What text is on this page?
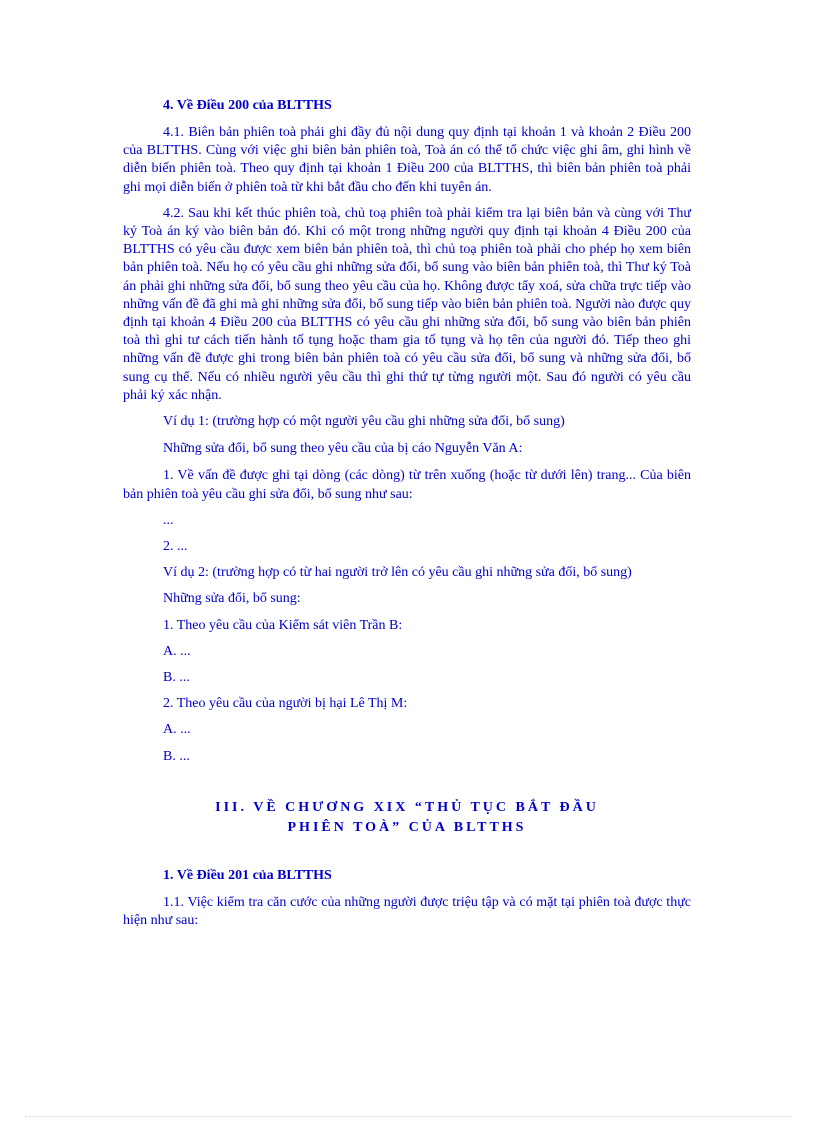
4. Về Điều 200 của BLTTHS

4.1. Biên bản phiên toà phải ghi đầy đủ nội dung quy định tại khoản 1 và khoản 2 Điều 200 của BLTTHS. Cùng với việc ghi biên bản phiên toà, Toà án có thể tổ chức việc ghi âm, ghi hình về diễn biến phiên toà. Theo quy định tại khoản 1 Điều 200 của BLTTHS, thì biên bản phiên toà phải ghi mọi diễn biến ở phiên toà từ khi bắt đầu cho đến khi tuyên án.

4.2. Sau khi kết thúc phiên toà, chủ toạ phiên toà phải kiểm tra lại biên bản và cùng với Thư ký Toà án ký vào biên bản đó. Khi có một trong những người quy định tại khoản 4 Điều 200 của BLTTHS có yêu cầu được xem biên bản phiên toà, thì chủ toạ phiên toà phải cho phép họ xem biên bản phiên toà. Nếu họ có yêu cầu ghi những sửa đổi, bổ sung vào biên bản phiên toà, thì Thư ký Toà án phải ghi những sửa đổi, bổ sung theo yêu cầu của họ. Không được tẩy xoá, sửa chữa trực tiếp vào những vấn đề đã ghi mà ghi những sửa đổi, bổ sung tiếp vào biên bản phiên toà. Người nào được quy định tại khoản 4 Điều 200 của BLTTHS có yêu cầu ghi những sửa đổi, bổ sung vào biên bản phiên toà thì ghi tư cách tiến hành tố tụng hoặc tham gia tố tụng và họ tên của người đó. Tiếp theo ghi những vấn đề được ghi trong biên bản phiên toà có yêu cầu sửa đổi, bổ sung và những sửa đổi, bổ sung cụ thể. Nếu có nhiều người yêu cầu thì ghi thứ tự từng người một. Sau đó người có yêu cầu phải ký xác nhận.

Ví dụ 1: (trường hợp có một người yêu cầu ghi những sửa đổi, bổ sung)

Những sửa đổi, bổ sung theo yêu cầu của bị cáo Nguyễn Văn A:

1. Về vấn đề được ghi tại dòng (các dòng) từ trên xuống (hoặc từ dưới lên) trang... Của biên bản phiên toà yêu cầu ghi sửa đổi, bổ sung như sau:

...

2. ...

Ví dụ 2: (trường hợp có từ hai người trở lên có yêu cầu ghi những sửa đổi, bổ sung)

Những sửa đổi, bổ sung:

1. Theo yêu cầu của Kiểm sát viên Trần B:

A. ...

B. ...

2. Theo yêu cầu của người bị hại Lê Thị M:

A. ...

B. ...

III. VỀ CHƯƠNG XIX “THỦ TỤC BẮT ĐẦU
PHIÊN TOÀ” CỦA BLTTHS
1. Về Điều 201 của BLTTHS

1.1. Việc kiểm tra căn cước của những người được triệu tập và có mặt tại phiên toà được thực hiện như sau:
